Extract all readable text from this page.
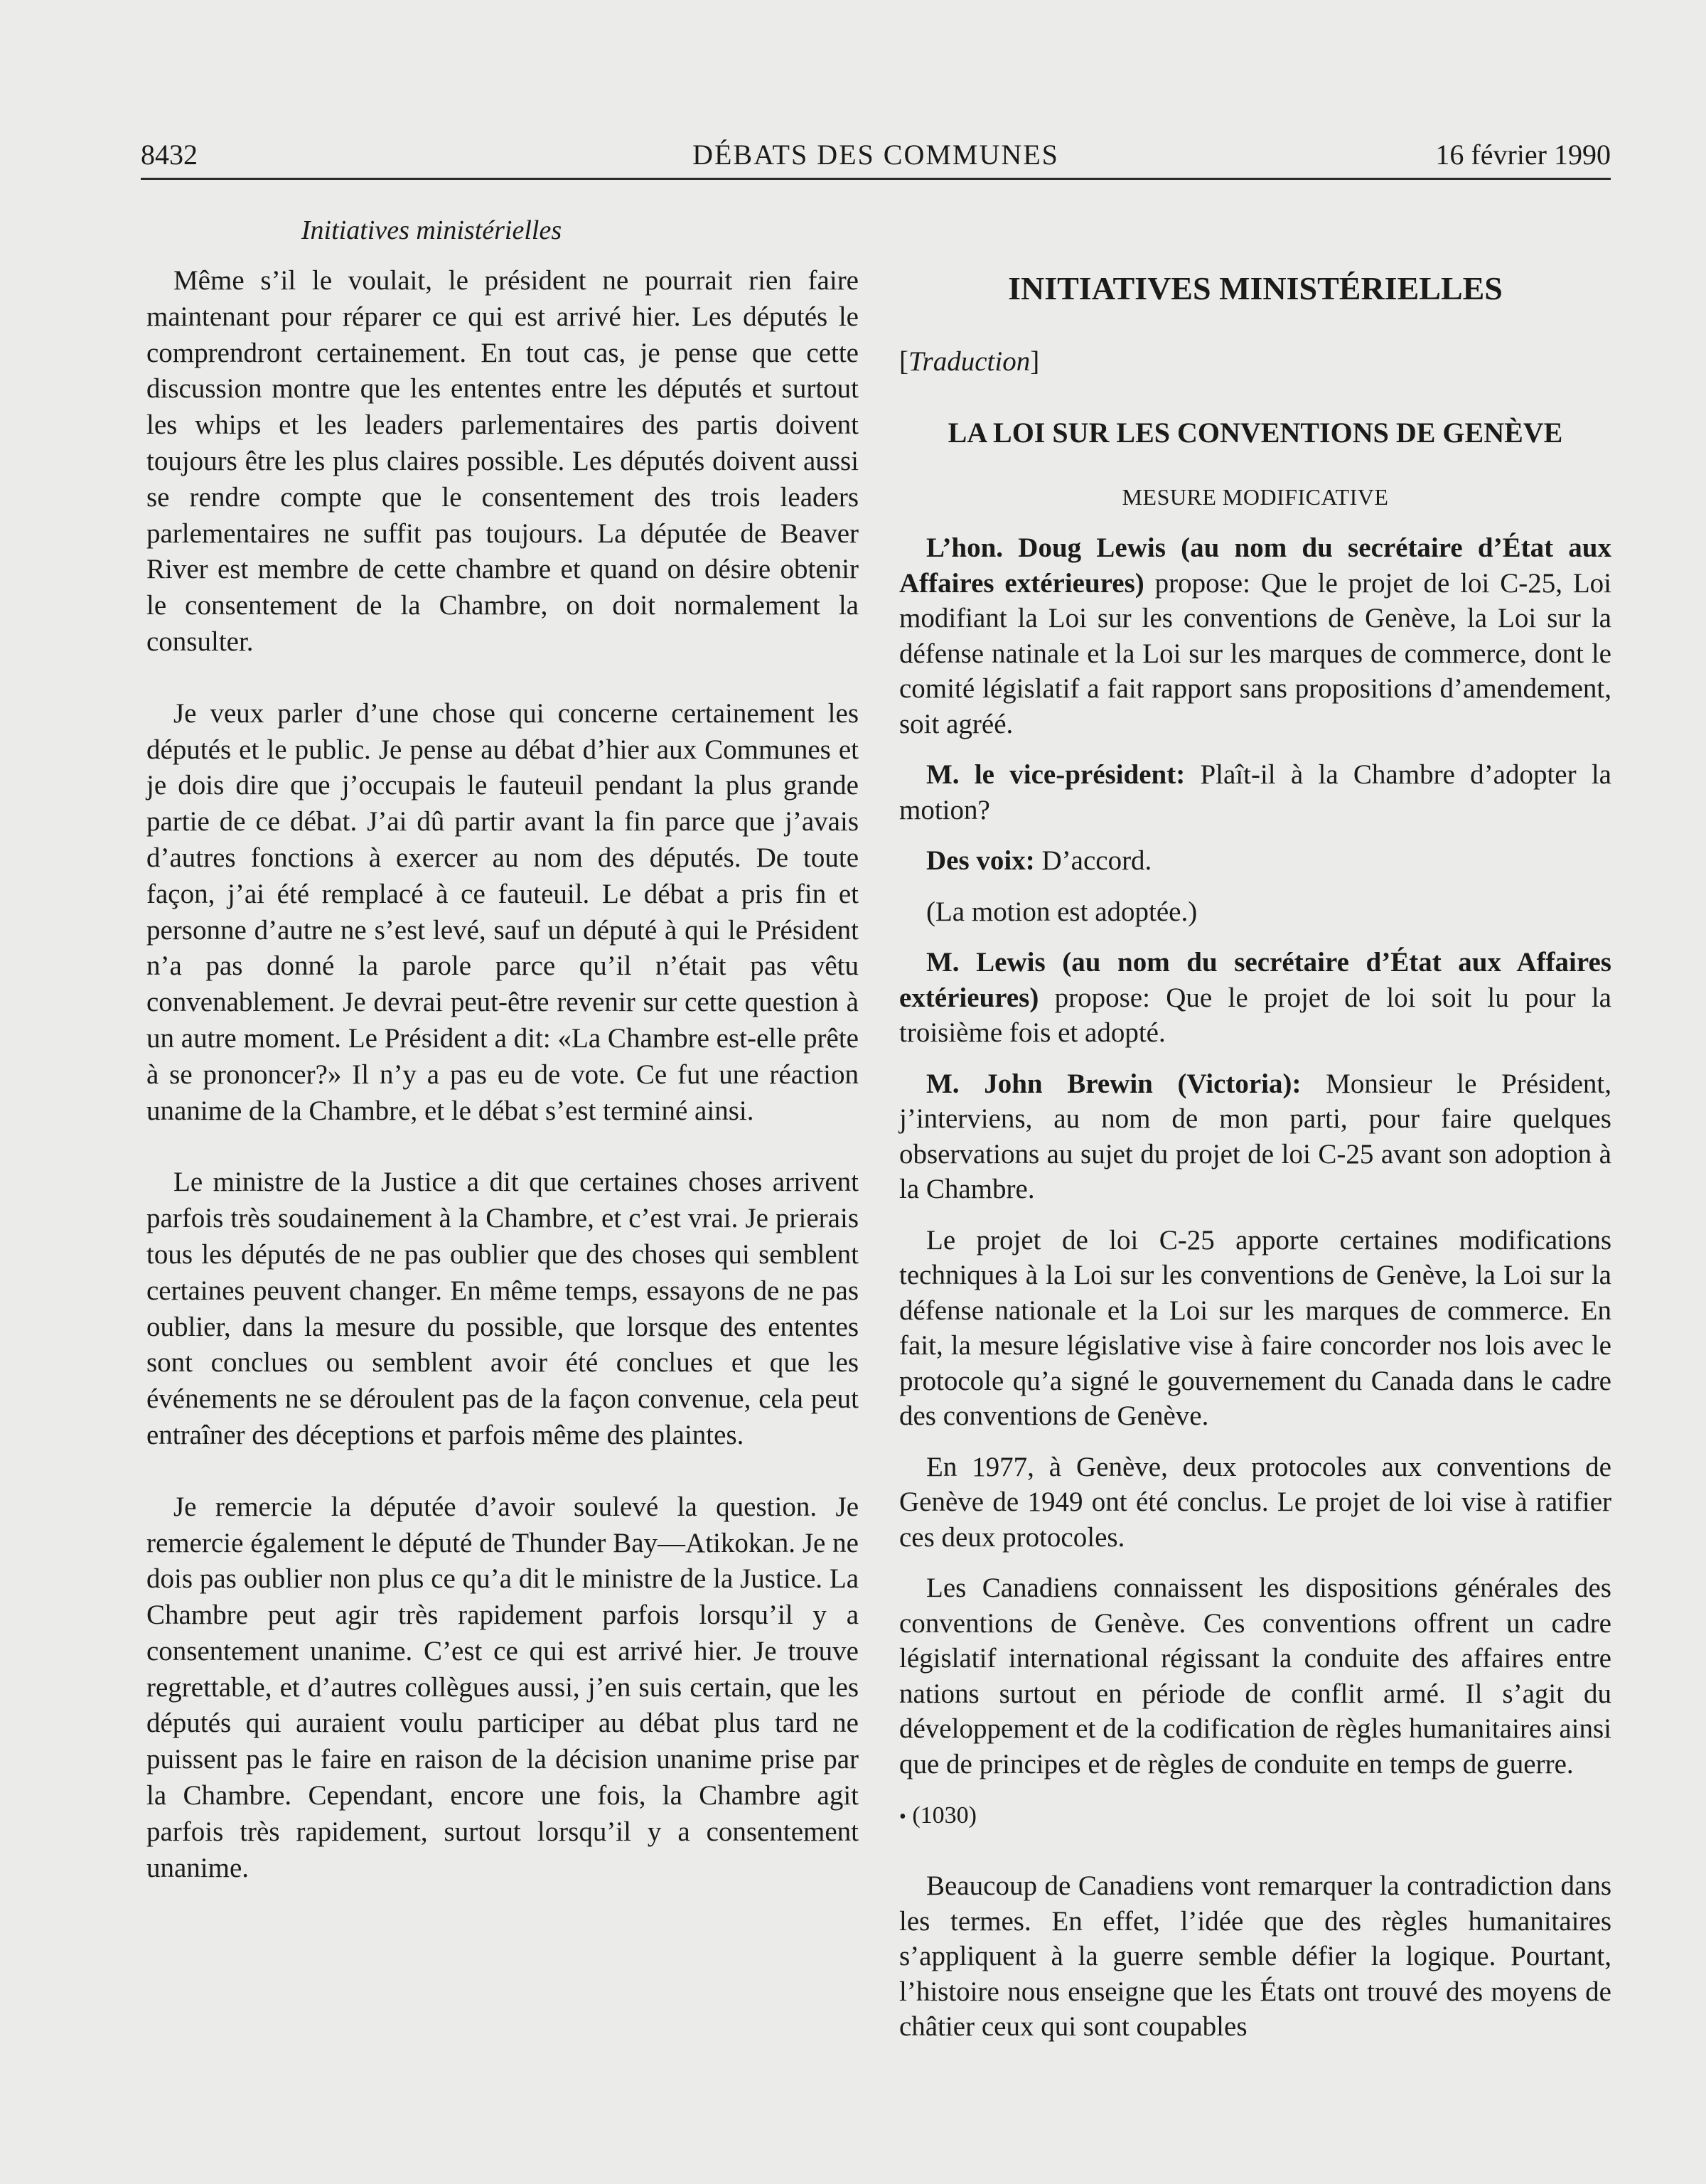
8432	DÉBATS DES COMMUNES	16 février 1990
Initiatives ministérielles

Même s’il le voulait, le président ne pourrait rien faire maintenant pour réparer ce qui est arrivé hier. Les députés le comprendront certainement. En tout cas, je pense que cette discussion montre que les ententes entre les députés et surtout les whips et les leaders parlementaires des partis doivent toujours être les plus claires possible. Les députés doivent aussi se rendre compte que le consentement des trois leaders parlementaires ne suffit pas toujours. La députée de Beaver River est membre de cette chambre et quand on désire obtenir le consentement de la Chambre, on doit normalement la consulter.

Je veux parler d’une chose qui concerne certainement les députés et le public. Je pense au débat d’hier aux Communes et je dois dire que j’occupais le fauteuil pendant la plus grande partie de ce débat. J’ai dû partir avant la fin parce que j’avais d’autres fonctions à exercer au nom des députés. De toute façon, j’ai été remplacé à ce fauteuil. Le débat a pris fin et personne d’autre ne s’est levé, sauf un député à qui le Président n’a pas donné la parole parce qu’il n’était pas vêtu convenablement. Je devrai peut-être revenir sur cette question à un autre moment. Le Président a dit: «La Chambre est-elle prête à se prononcer?» Il n’y a pas eu de vote. Ce fut une réaction unanime de la Chambre, et le débat s’est terminé ainsi.

Le ministre de la Justice a dit que certaines choses arrivent parfois très soudainement à la Chambre, et c’est vrai. Je prierais tous les députés de ne pas oublier que des choses qui semblent certaines peuvent changer. En même temps, essayons de ne pas oublier, dans la mesure du possible, que lorsque des ententes sont conclues ou semblent avoir été conclues et que les événements ne se déroulent pas de la façon convenue, cela peut entraîner des déceptions et parfois même des plaintes.

Je remercie la députée d’avoir soulevé la question. Je remercie également le député de Thunder Bay—Atikokan. Je ne dois pas oublier non plus ce qu’a dit le ministre de la Justice. La Chambre peut agir très rapidement parfois lorsqu’il y a consentement unanime. C’est ce qui est arrivé hier. Je trouve regrettable, et d’autres collègues aussi, j’en suis certain, que les députés qui auraient voulu participer au débat plus tard ne puissent pas le faire en raison de la décision unanime prise par la Chambre. Cependant, encore une fois, la Chambre agit parfois très rapidement, surtout lorsqu’il y a consentement unanime.

INITIATIVES MINISTÉRIELLES
[Traduction]
LA LOI SUR LES CONVENTIONS DE GENÈVE
MESURE MODIFICATIVE

L’hon. Doug Lewis (au nom du secrétaire d’État aux Affaires extérieures) propose: Que le projet de loi C-25, Loi modifiant la Loi sur les conventions de Genève, la Loi sur la défense natinale et la Loi sur les marques de commerce, dont le comité législatif a fait rapport sans propositions d’amendement, soit agréé.

M. le vice-président: Plaît-il à la Chambre d’adopter la motion?

Des voix: D’accord.

(La motion est adoptée.)

M. Lewis (au nom du secrétaire d’État aux Affaires extérieures) propose: Que le projet de loi soit lu pour la troisième fois et adopté.

M. John Brewin (Victoria): Monsieur le Président, j’interviens, au nom de mon parti, pour faire quelques observations au sujet du projet de loi C-25 avant son adoption à la Chambre.

Le projet de loi C-25 apporte certaines modifications techniques à la Loi sur les conventions de Genève, la Loi sur la défense nationale et la Loi sur les marques de commerce. En fait, la mesure législative vise à faire concorder nos lois avec le protocole qu’a signé le gouvernement du Canada dans le cadre des conventions de Genève.

En 1977, à Genève, deux protocoles aux conventions de Genève de 1949 ont été conclus. Le projet de loi vise à ratifier ces deux protocoles.

Les Canadiens connaissent les dispositions générales des conventions de Genève. Ces conventions offrent un cadre législatif international régissant la conduite des affaires entre nations surtout en période de conflit armé. Il s’agit du développement et de la codification de règles humanitaires ainsi que de principes et de règles de conduite en temps de guerre.

• (1030)

Beaucoup de Canadiens vont remarquer la contradiction dans les termes. En effet, l’idée que des règles humanitaires s’appliquent à la guerre semble défier la logique. Pourtant, l’histoire nous enseigne que les États ont trouvé des moyens de châtier ceux qui sont coupables
